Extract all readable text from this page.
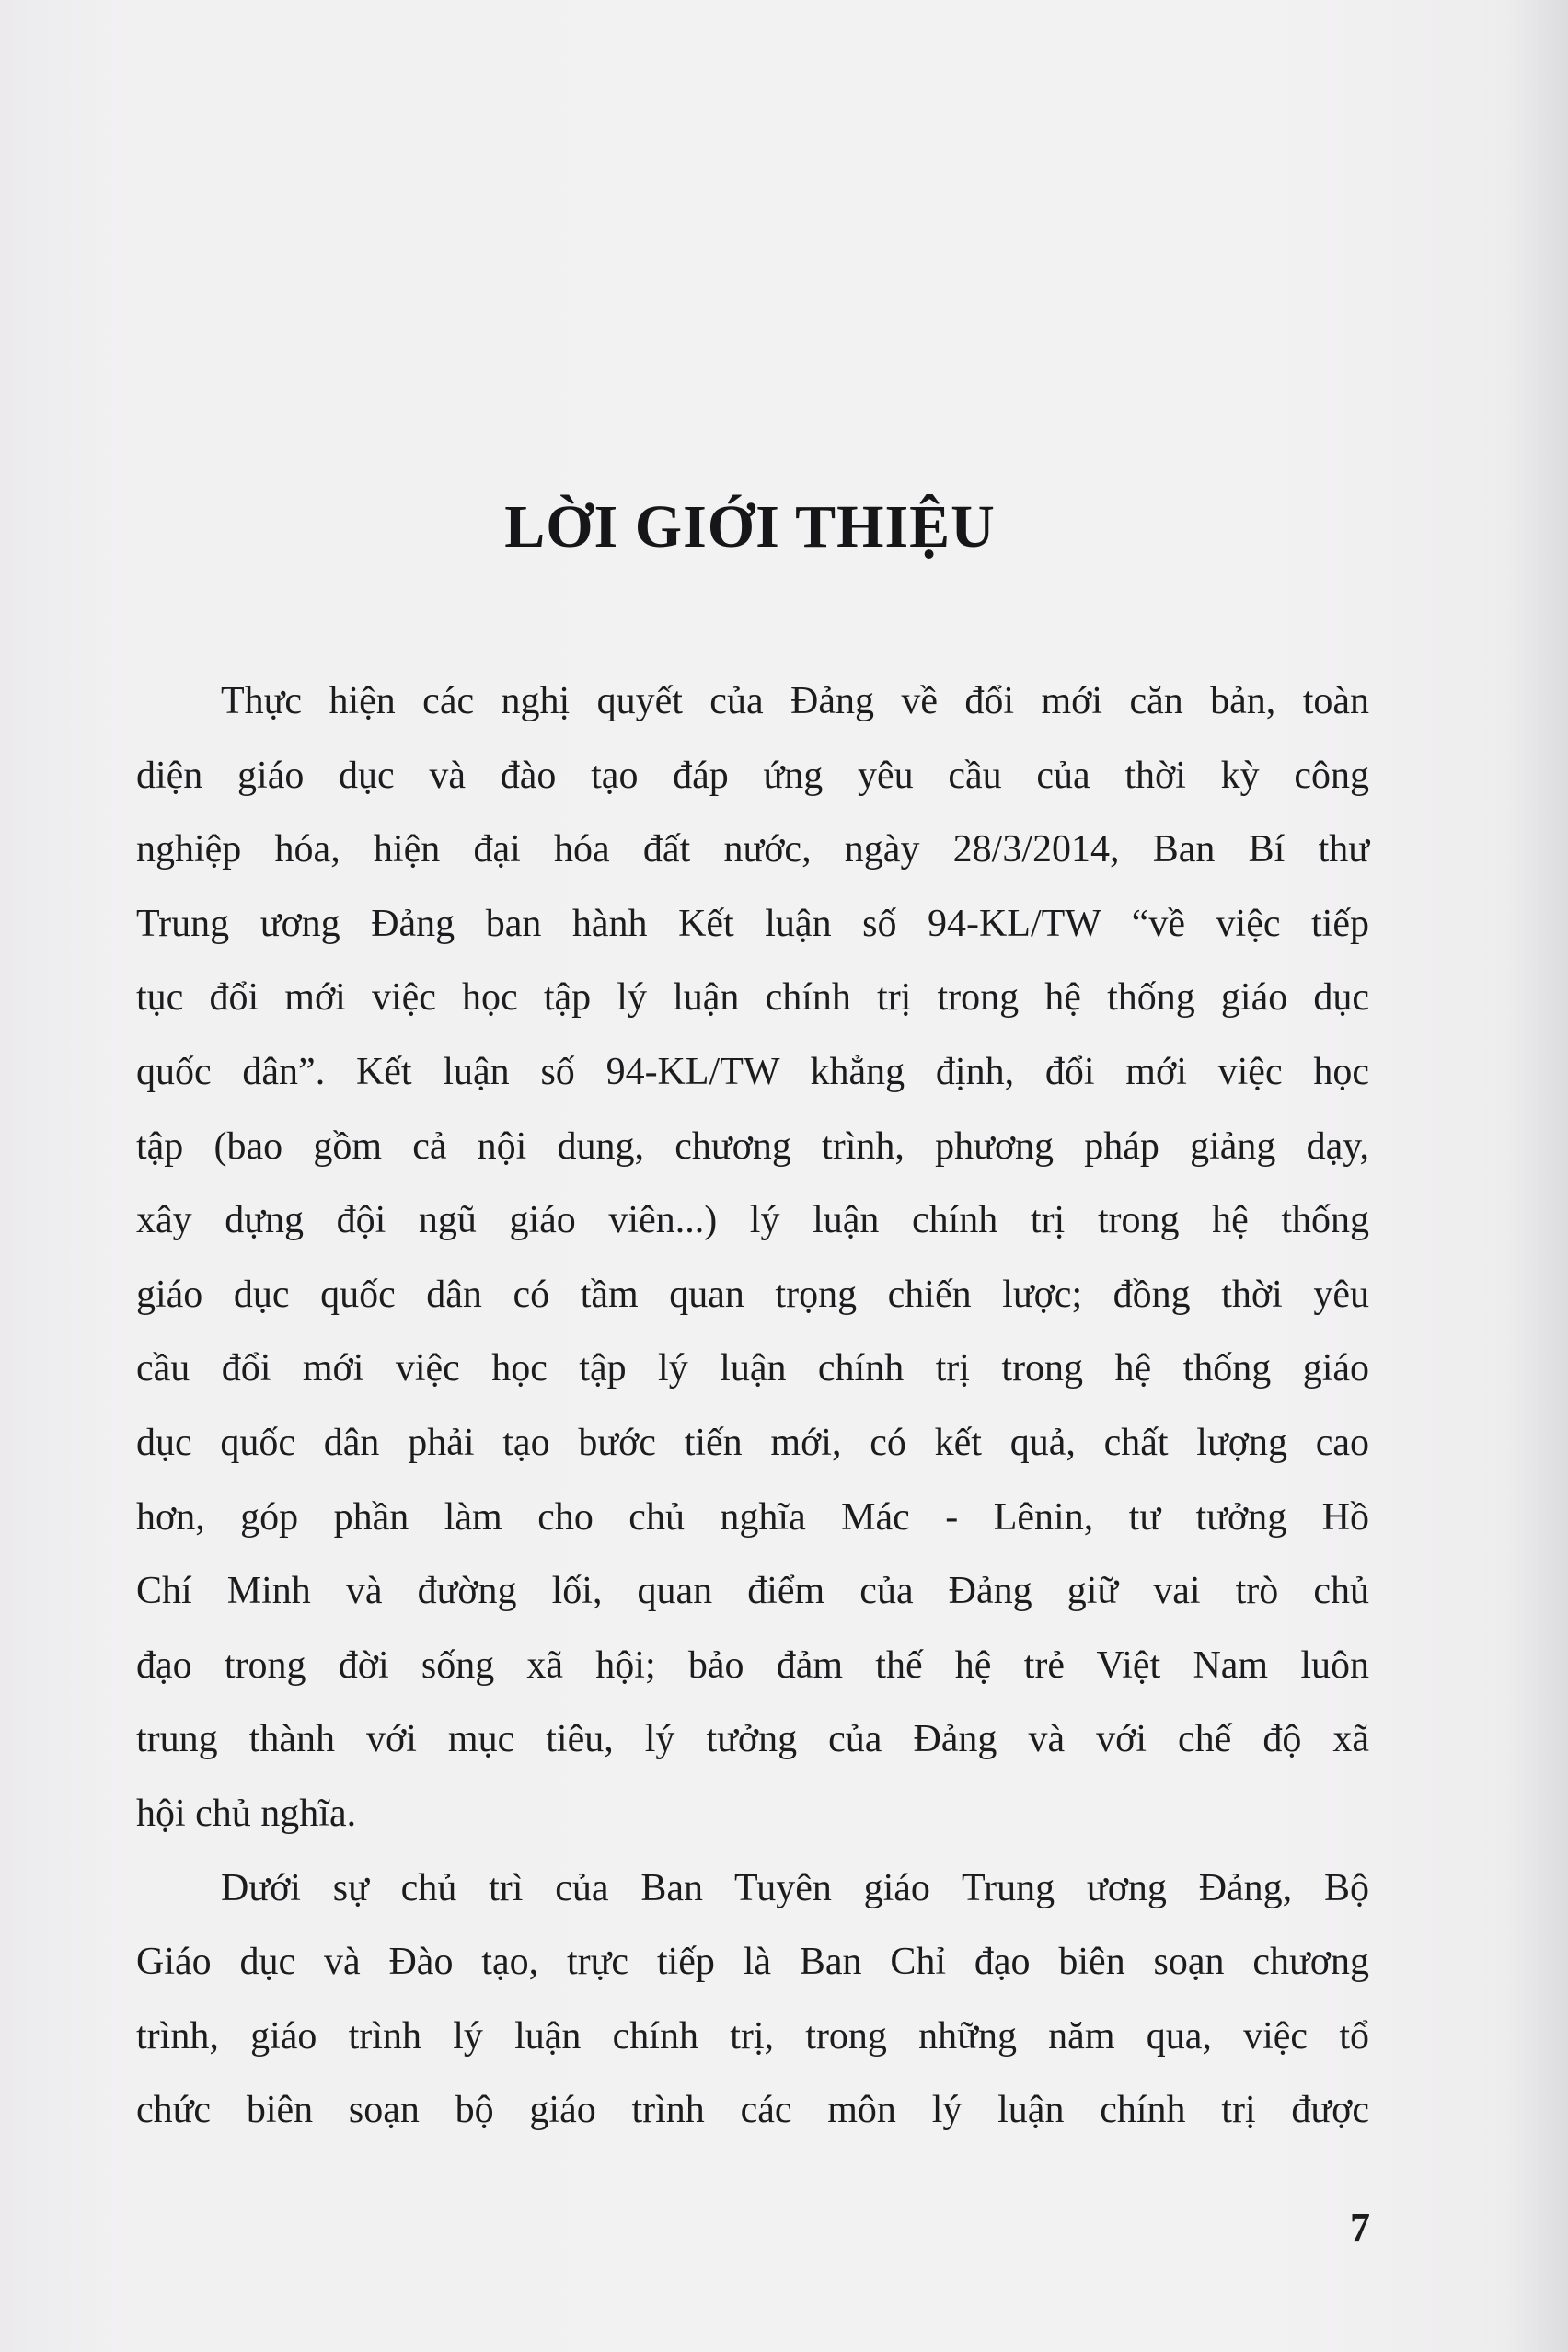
LỜI GIỚI THIỆU
Thực hiện các nghị quyết của Đảng về đổi mới căn bản, toàn
diện giáo dục và đào tạo đáp ứng yêu cầu của thời kỳ công
nghiệp hóa, hiện đại hóa đất nước, ngày 28/3/2014, Ban Bí thư
Trung ương Đảng ban hành Kết luận số 94-KL/TW “về việc tiếp
tục đổi mới việc học tập lý luận chính trị trong hệ thống giáo dục
quốc dân”. Kết luận số 94-KL/TW khẳng định, đổi mới việc học
tập (bao gồm cả nội dung, chương trình, phương pháp giảng dạy,
xây dựng đội ngũ giáo viên...) lý luận chính trị trong hệ thống
giáo dục quốc dân có tầm quan trọng chiến lược; đồng thời yêu
cầu đổi mới việc học tập lý luận chính trị trong hệ thống giáo
dục quốc dân phải tạo bước tiến mới, có kết quả, chất lượng cao
hơn, góp phần làm cho chủ nghĩa Mác - Lênin, tư tưởng Hồ
Chí Minh và đường lối, quan điểm của Đảng giữ vai trò chủ
đạo trong đời sống xã hội; bảo đảm thế hệ trẻ Việt Nam luôn
trung thành với mục tiêu, lý tưởng của Đảng và với chế độ xã
hội chủ nghĩa.
Dưới sự chủ trì của Ban Tuyên giáo Trung ương Đảng, Bộ
Giáo dục và Đào tạo, trực tiếp là Ban Chỉ đạo biên soạn chương
trình, giáo trình lý luận chính trị, trong những năm qua, việc tổ
chức biên soạn bộ giáo trình các môn lý luận chính trị được
7
